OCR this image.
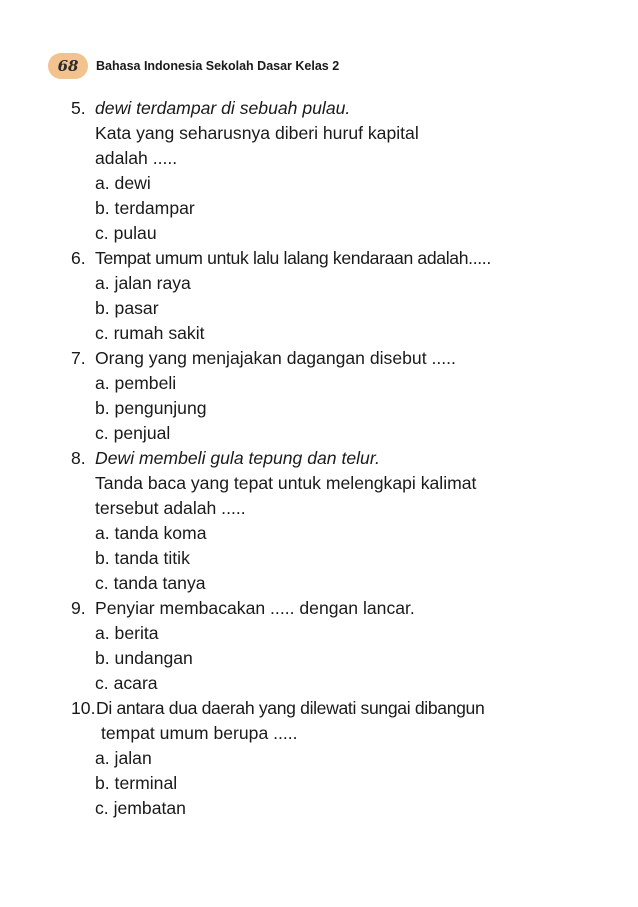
68 Bahasa Indonesia Sekolah Dasar Kelas 2
5. dewi terdampar di sebuah pulau.
Kata yang seharusnya diberi huruf kapital
adalah .....
a. dewi
b. terdampar
c. pulau
6. Tempat umum untuk lalu lalang kendaraan adalah.....
a. jalan raya
b. pasar
c. rumah sakit
7. Orang yang menjajakan dagangan disebut .....
a. pembeli
b. pengunjung
c. penjual
8. Dewi membeli gula tepung dan telur.
Tanda baca yang tepat untuk melengkapi kalimat
tersebut adalah .....
a. tanda koma
b. tanda titik
c. tanda tanya
9. Penyiar membacakan ..... dengan lancar.
a. berita
b. undangan
c. acara
10. Di antara dua daerah yang dilewati sungai dibangun
tempat umum berupa .....
a. jalan
b. terminal
c. jembatan
